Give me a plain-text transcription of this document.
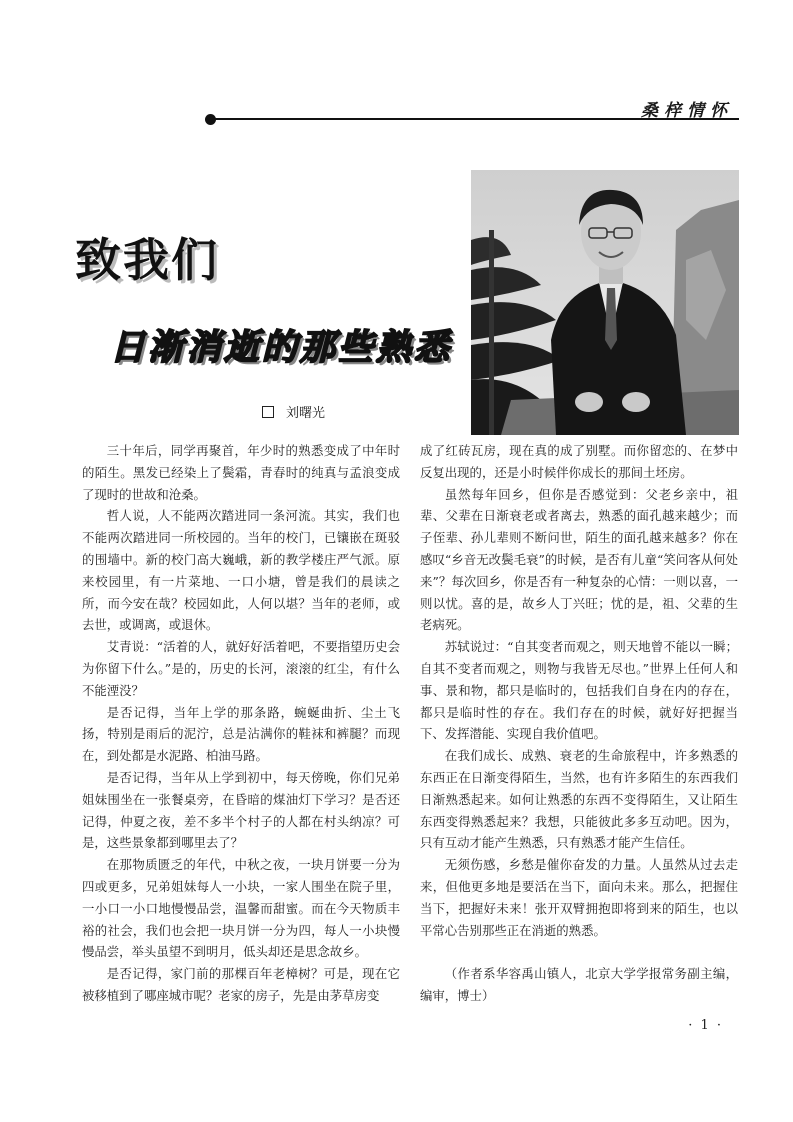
桑梓情怀
致我们
日渐消逝的那些熟悉
刘曙光

三十年后，同学再聚首，年少时的熟悉变成了中年时的陌生。黑发已经染上了鬓霜，青春时的纯真与孟浪变成了现时的世故和沧桑。

哲人说，人不能两次踏进同一条河流。其实，我们也不能两次踏进同一所校园的。当年的校门，已镶嵌在斑驳的围墙中。新的校门高大巍峨，新的教学楼庄严气派。原来校园里，有一片菜地、一口小塘，曾是我们的晨读之所，而今安在哉？校园如此，人何以堪？当年的老师，或去世，或调离，或退休。

艾青说：“活着的人，就好好活着吧，不要指望历史会为你留下什么。”是的，历史的长河，滚滚的红尘，有什么不能湮没？

是否记得，当年上学的那条路，蜿蜒曲折、尘土飞扬，特别是雨后的泥泞，总是沾满你的鞋袜和裤腿？而现在，到处都是水泥路、柏油马路。

是否记得，当年从上学到初中，每天傍晚，你们兄弟姐妹围坐在一张餐桌旁，在昏暗的煤油灯下学习？是否还记得，仲夏之夜，差不多半个村子的人都在村头纳凉？可是，这些景象都到哪里去了？

在那物质匮乏的年代，中秋之夜，一块月饼要一分为四或更多，兄弟姐妹每人一小块，一家人围坐在院子里，一小口一小口地慢慢品尝，温馨而甜蜜。而在今天物质丰裕的社会，我们也会把一块月饼一分为四，每人一小块慢慢品尝，举头虽望不到明月，低头却还是思念故乡。

是否记得，家门前的那棵百年老樟树？可是，现在它被移植到了哪座城市呢？老家的房子，先是由茅草房变

成了红砖瓦房，现在真的成了别墅。而你留恋的、在梦中反复出现的，还是小时候伴你成长的那间土坯房。

虽然每年回乡，但你是否感觉到：父老乡亲中，祖辈、父辈在日渐衰老或者离去，熟悉的面孔越来越少；而子侄辈、孙儿辈则不断问世，陌生的面孔越来越多？你在感叹“乡音无改鬓毛衰”的时候，是否有儿童“笑问客从何处来”？每次回乡，你是否有一种复杂的心情：一则以喜，一则以忧。喜的是，故乡人丁兴旺；忧的是，祖、父辈的生老病死。

苏轼说过：“自其变者而观之，则天地曾不能以一瞬；自其不变者而观之，则物与我皆无尽也。”世界上任何人和事、景和物，都只是临时的，包括我们自身在内的存在，都只是临时性的存在。我们存在的时候，就好好把握当下、发挥潜能、实现自我价值吧。

在我们成长、成熟、衰老的生命旅程中，许多熟悉的东西正在日渐变得陌生，当然，也有许多陌生的东西我们日渐熟悉起来。如何让熟悉的东西不变得陌生，又让陌生东西变得熟悉起来？我想，只能彼此多多互动吧。因为，只有互动才能产生熟悉，只有熟悉才能产生信任。

无须伤感，乡愁是催你奋发的力量。人虽然从过去走来，但他更多地是要活在当下，面向未来。那么，把握住当下，把握好未来！张开双臂拥抱即将到来的陌生，也以平常心告别那些正在消逝的熟悉。

（作者系华容禹山镇人，北京大学学报常务副主编，编审，博士）

· 1 ·
